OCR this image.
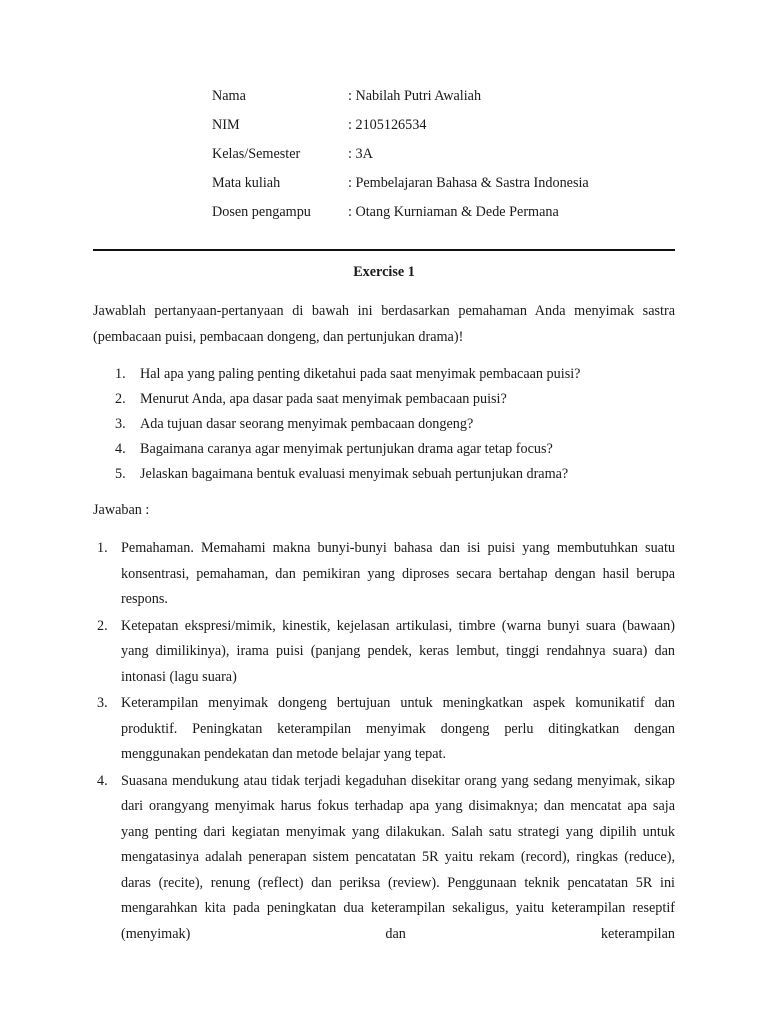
Nama	: Nabilah Putri Awaliah
NIM	: 2105126534
Kelas/Semester	: 3A
Mata kuliah	: Pembelajaran Bahasa & Sastra Indonesia
Dosen pengampu	: Otang Kurniaman & Dede Permana
Exercise 1
Jawablah pertanyaan-pertanyaan di bawah ini berdasarkan pemahaman Anda menyimak sastra (pembacaan puisi, pembacaan dongeng, dan pertunjukan drama)!
1.	Hal apa yang paling penting diketahui pada saat menyimak pembacaan puisi?
2.	Menurut Anda, apa dasar pada saat menyimak pembacaan puisi?
3.	Ada tujuan dasar seorang menyimak pembacaan dongeng?
4.	Bagaimana caranya agar menyimak pertunjukan drama agar tetap focus?
5.	Jelaskan bagaimana bentuk evaluasi menyimak sebuah pertunjukan drama?
Jawaban :
1. Pemahaman. Memahami makna bunyi-bunyi bahasa dan isi puisi yang membutuhkan suatu konsentrasi, pemahaman, dan pemikiran yang diproses secara bertahap dengan hasil berupa respons.
2. Ketepatan ekspresi/mimik, kinestik, kejelasan artikulasi, timbre (warna bunyi suara (bawaan) yang dimilikinya), irama puisi (panjang pendek, keras lembut, tinggi rendahnya suara) dan intonasi (lagu suara)
3. Keterampilan menyimak dongeng bertujuan untuk meningkatkan aspek komunikatif dan produktif. Peningkatan keterampilan menyimak dongeng perlu ditingkatkan dengan menggunakan pendekatan dan metode belajar yang tepat.
4. Suasana mendukung atau tidak terjadi kegaduhan disekitar orang yang sedang menyimak, sikap dari orangyang menyimak harus fokus terhadap apa yang disimaknya; dan mencatat apa saja yang penting dari kegiatan menyimak yang dilakukan. Salah satu strategi yang dipilih untuk mengatasinya adalah penerapan sistem pencatatan 5R yaitu rekam (record), ringkas (reduce), daras (recite), renung (reflect) dan periksa (review). Penggunaan teknik pencatatan 5R ini mengarahkan kita pada peningkatan dua keterampilan sekaligus, yaitu keterampilan reseptif (menyimak) dan keterampilan
